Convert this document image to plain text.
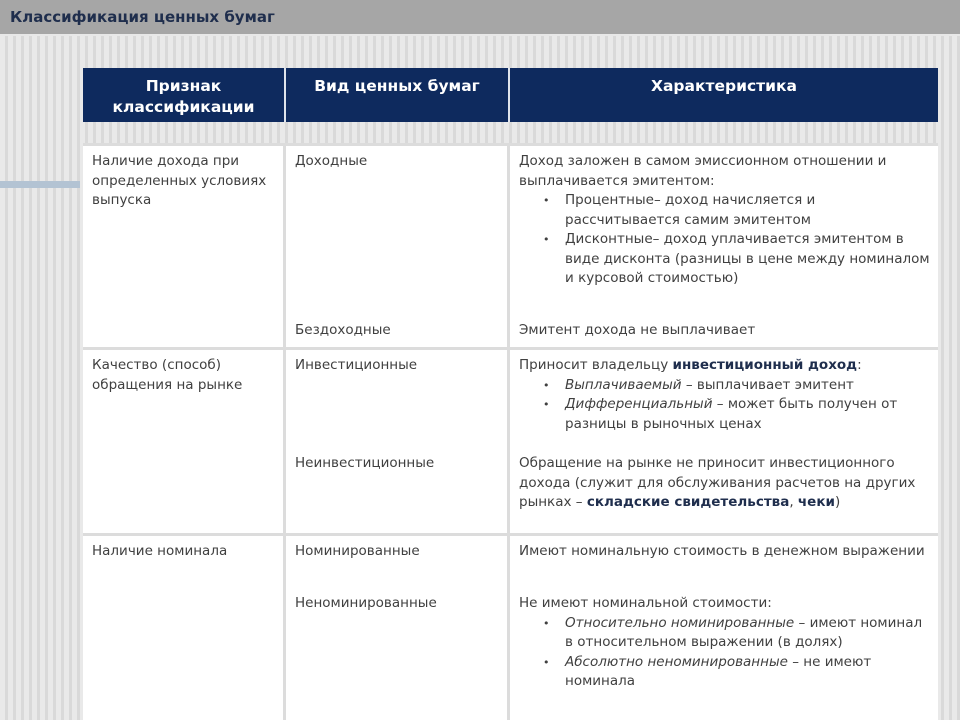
Классификация ценных бумаг
Признак классификации
Вид ценных бумаг	Характеристика
Наличие дохода при определенных условиях выпуска
Доходные
Бездоходные
Доход заложен в самом эмиссионном отношении и выплачивается эмитентом:
• Процентные– доход начисляется и рассчитывается самим эмитентом
• Дисконтные– доход уплачивается эмитентом в виде дисконта (разницы в цене между номиналом и курсовой стоимостью)
Эмитент дохода не выплачивает
Качество (способ) обращения на рынке
Инвестиционные
Неинвестиционные
Приносит владельцу инвестиционный доход:
• Выплачиваемый – выплачивает эмитент
• Дифференциальный – может быть получен от разницы в рыночных ценах
Обращение на рынке не приносит инвестиционного дохода (служит для обслуживания расчетов на других рынках – складские свидетельства, чеки)
Наличие номинала	Номинированные
Неноминированные
Имеют номинальную стоимость в денежном выражении
Не имеют номинальной стоимости:
• Относительно номинированные – имеют номинал в относительном выражении (в долях)
• Абсолютно неноминированные – не имеют номинала
